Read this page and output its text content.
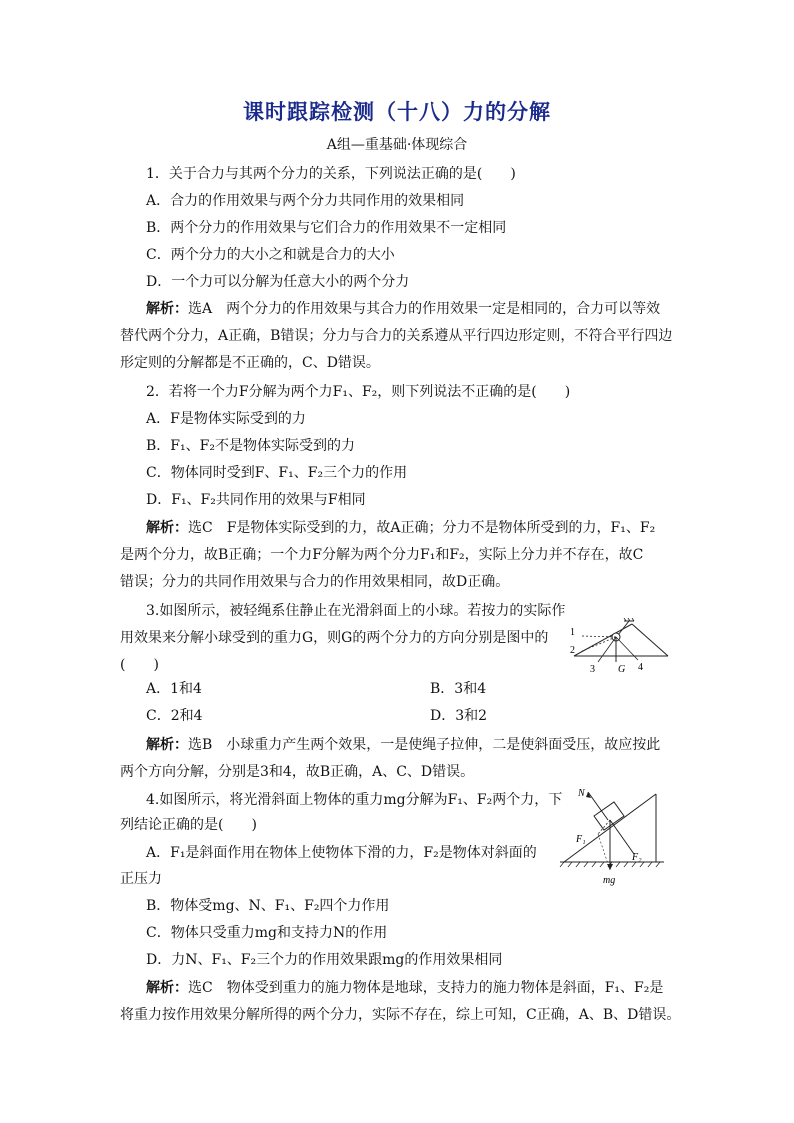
课时跟踪检测（十八）力的分解
A组—重基础·体现综合
1．关于合力与其两个分力的关系，下列说法正确的是(　　)
A．合力的作用效果与两个分力共同作用的效果相同
B．两个分力的作用效果与它们合力的作用效果不一定相同
C．两个分力的大小之和就是合力的大小
D．一个力可以分解为任意大小的两个分力
解析：选A　两个分力的作用效果与其合力的作用效果一定是相同的，合力可以等效
替代两个分力，A正确，B错误；分力与合力的关系遵从平行四边形定则，不符合平行四边
形定则的分解都是不正确的，C、D错误。
2．若将一个力F分解为两个力F₁、F₂，则下列说法不正确的是(　　)
A．F是物体实际受到的力
B．F₁、F₂不是物体实际受到的力
C．物体同时受到F、F₁、F₂三个力的作用
D．F₁、F₂共同作用的效果与F相同
解析：选C　F是物体实际受到的力，故A正确；分力不是物体所受到的力，F₁、F₂
是两个分力，故B正确；一个力F分解为两个分力F₁和F₂，实际上分力并不存在，故C
错误；分力的共同作用效果与合力的作用效果相同，故D正确。
3.如图所示，被轻绳系住静止在光滑斜面上的小球。若按力的实际作
用效果来分解小球受到的重力G，则G的两个分力的方向分别是图中的
(　　)
A．1和4	B．3和4
C．2和4	D．3和2
解析：选B　小球重力产生两个效果，一是使绳子拉伸，二是使斜面受压，故应按此
两个方向分解，分别是3和4，故B正确，A、C、D错误。
1
2
3 G 4
4.如图所示，将光滑斜面上物体的重力mg分解为F₁、F₂两个力，下
列结论正确的是(　　)
A．F₁是斜面作用在物体上使物体下滑的力，F₂是物体对斜面的
正压力
B．物体受mg、N、F₁、F₂四个力作用
C．物体只受重力mg和支持力N的作用
D．力N、F₁、F₂三个力的作用效果跟mg的作用效果相同
解析：选C　物体受到重力的施力物体是地球，支持力的施力物体是斜面，F₁、F₂是
将重力按作用效果分解所得的两个分力，实际不存在，综上可知，C正确，A、B、D错误。
N
F₁
F₂
mg
